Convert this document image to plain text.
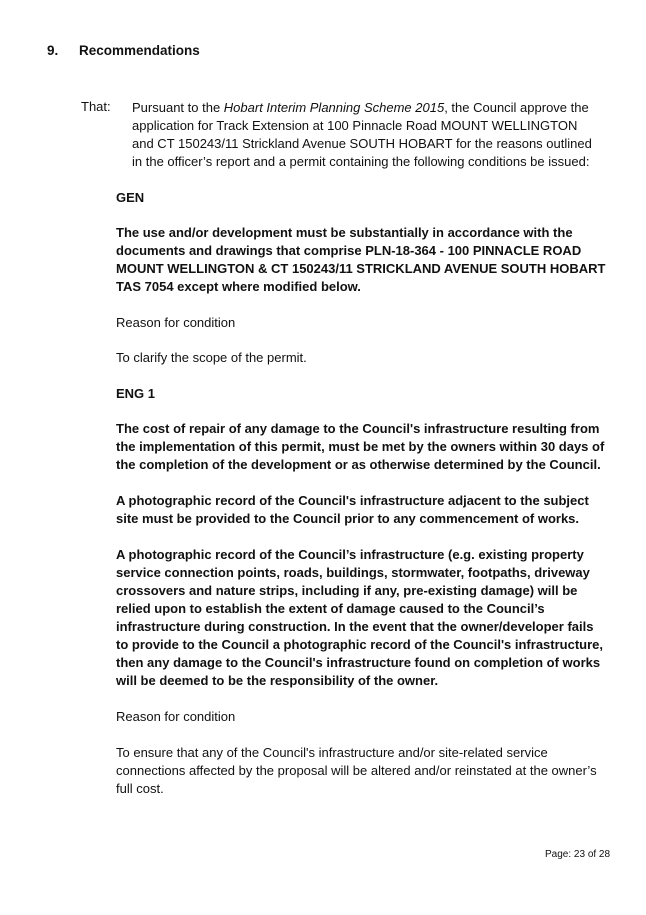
9. Recommendations
That: Pursuant to the Hobart Interim Planning Scheme 2015, the Council approve the application for Track Extension at 100 Pinnacle Road MOUNT WELLINGTON and CT 150243/11 Strickland Avenue SOUTH HOBART for the reasons outlined in the officer’s report and a permit containing the following conditions be issued:

GEN

The use and/or development must be substantially in accordance with the documents and drawings that comprise PLN-18-364 - 100 PINNACLE ROAD MOUNT WELLINGTON & CT 150243/11 STRICKLAND AVENUE SOUTH HOBART TAS 7054 except where modified below.

Reason for condition

To clarify the scope of the permit.

ENG 1

The cost of repair of any damage to the Council's infrastructure resulting from the implementation of this permit, must be met by the owners within 30 days of the completion of the development or as otherwise determined by the Council.

A photographic record of the Council's infrastructure adjacent to the subject site must be provided to the Council prior to any commencement of works.

A photographic record of the Council’s infrastructure (e.g. existing property service connection points, roads, buildings, stormwater, footpaths, driveway crossovers and nature strips, including if any, pre-existing damage) will be relied upon to establish the extent of damage caused to the Council’s infrastructure during construction. In the event that the owner/developer fails to provide to the Council a photographic record of the Council's infrastructure, then any damage to the Council's infrastructure found on completion of works will be deemed to be the responsibility of the owner.

Reason for condition

To ensure that any of the Council's infrastructure and/or site-related service connections affected by the proposal will be altered and/or reinstated at the owner’s full cost.

Page: 23 of 28
